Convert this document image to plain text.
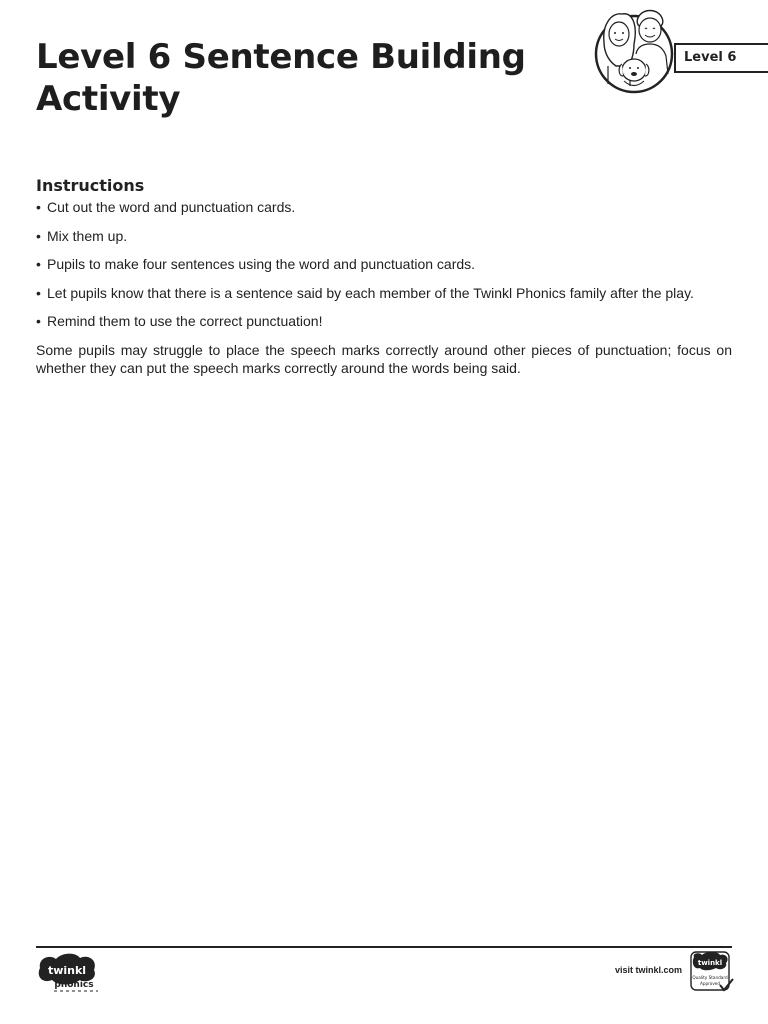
Level 6 Sentence Building
Activity
Level 6
Instructions
• Cut out the word and punctuation cards.
• Mix them up.
• Pupils to make four sentences using the word and punctuation cards.
• Let pupils know that there is a sentence said by each member of the Twinkl Phonics family after the play.
• Remind them to use the correct punctuation!

Some pupils may struggle to place the speech marks correctly around other pieces of punctuation; focus on whether they can put the speech marks correctly around the words being said.

twinkl
phonics
visit twinkl.com
twinkl
Quality Standard
Approved
